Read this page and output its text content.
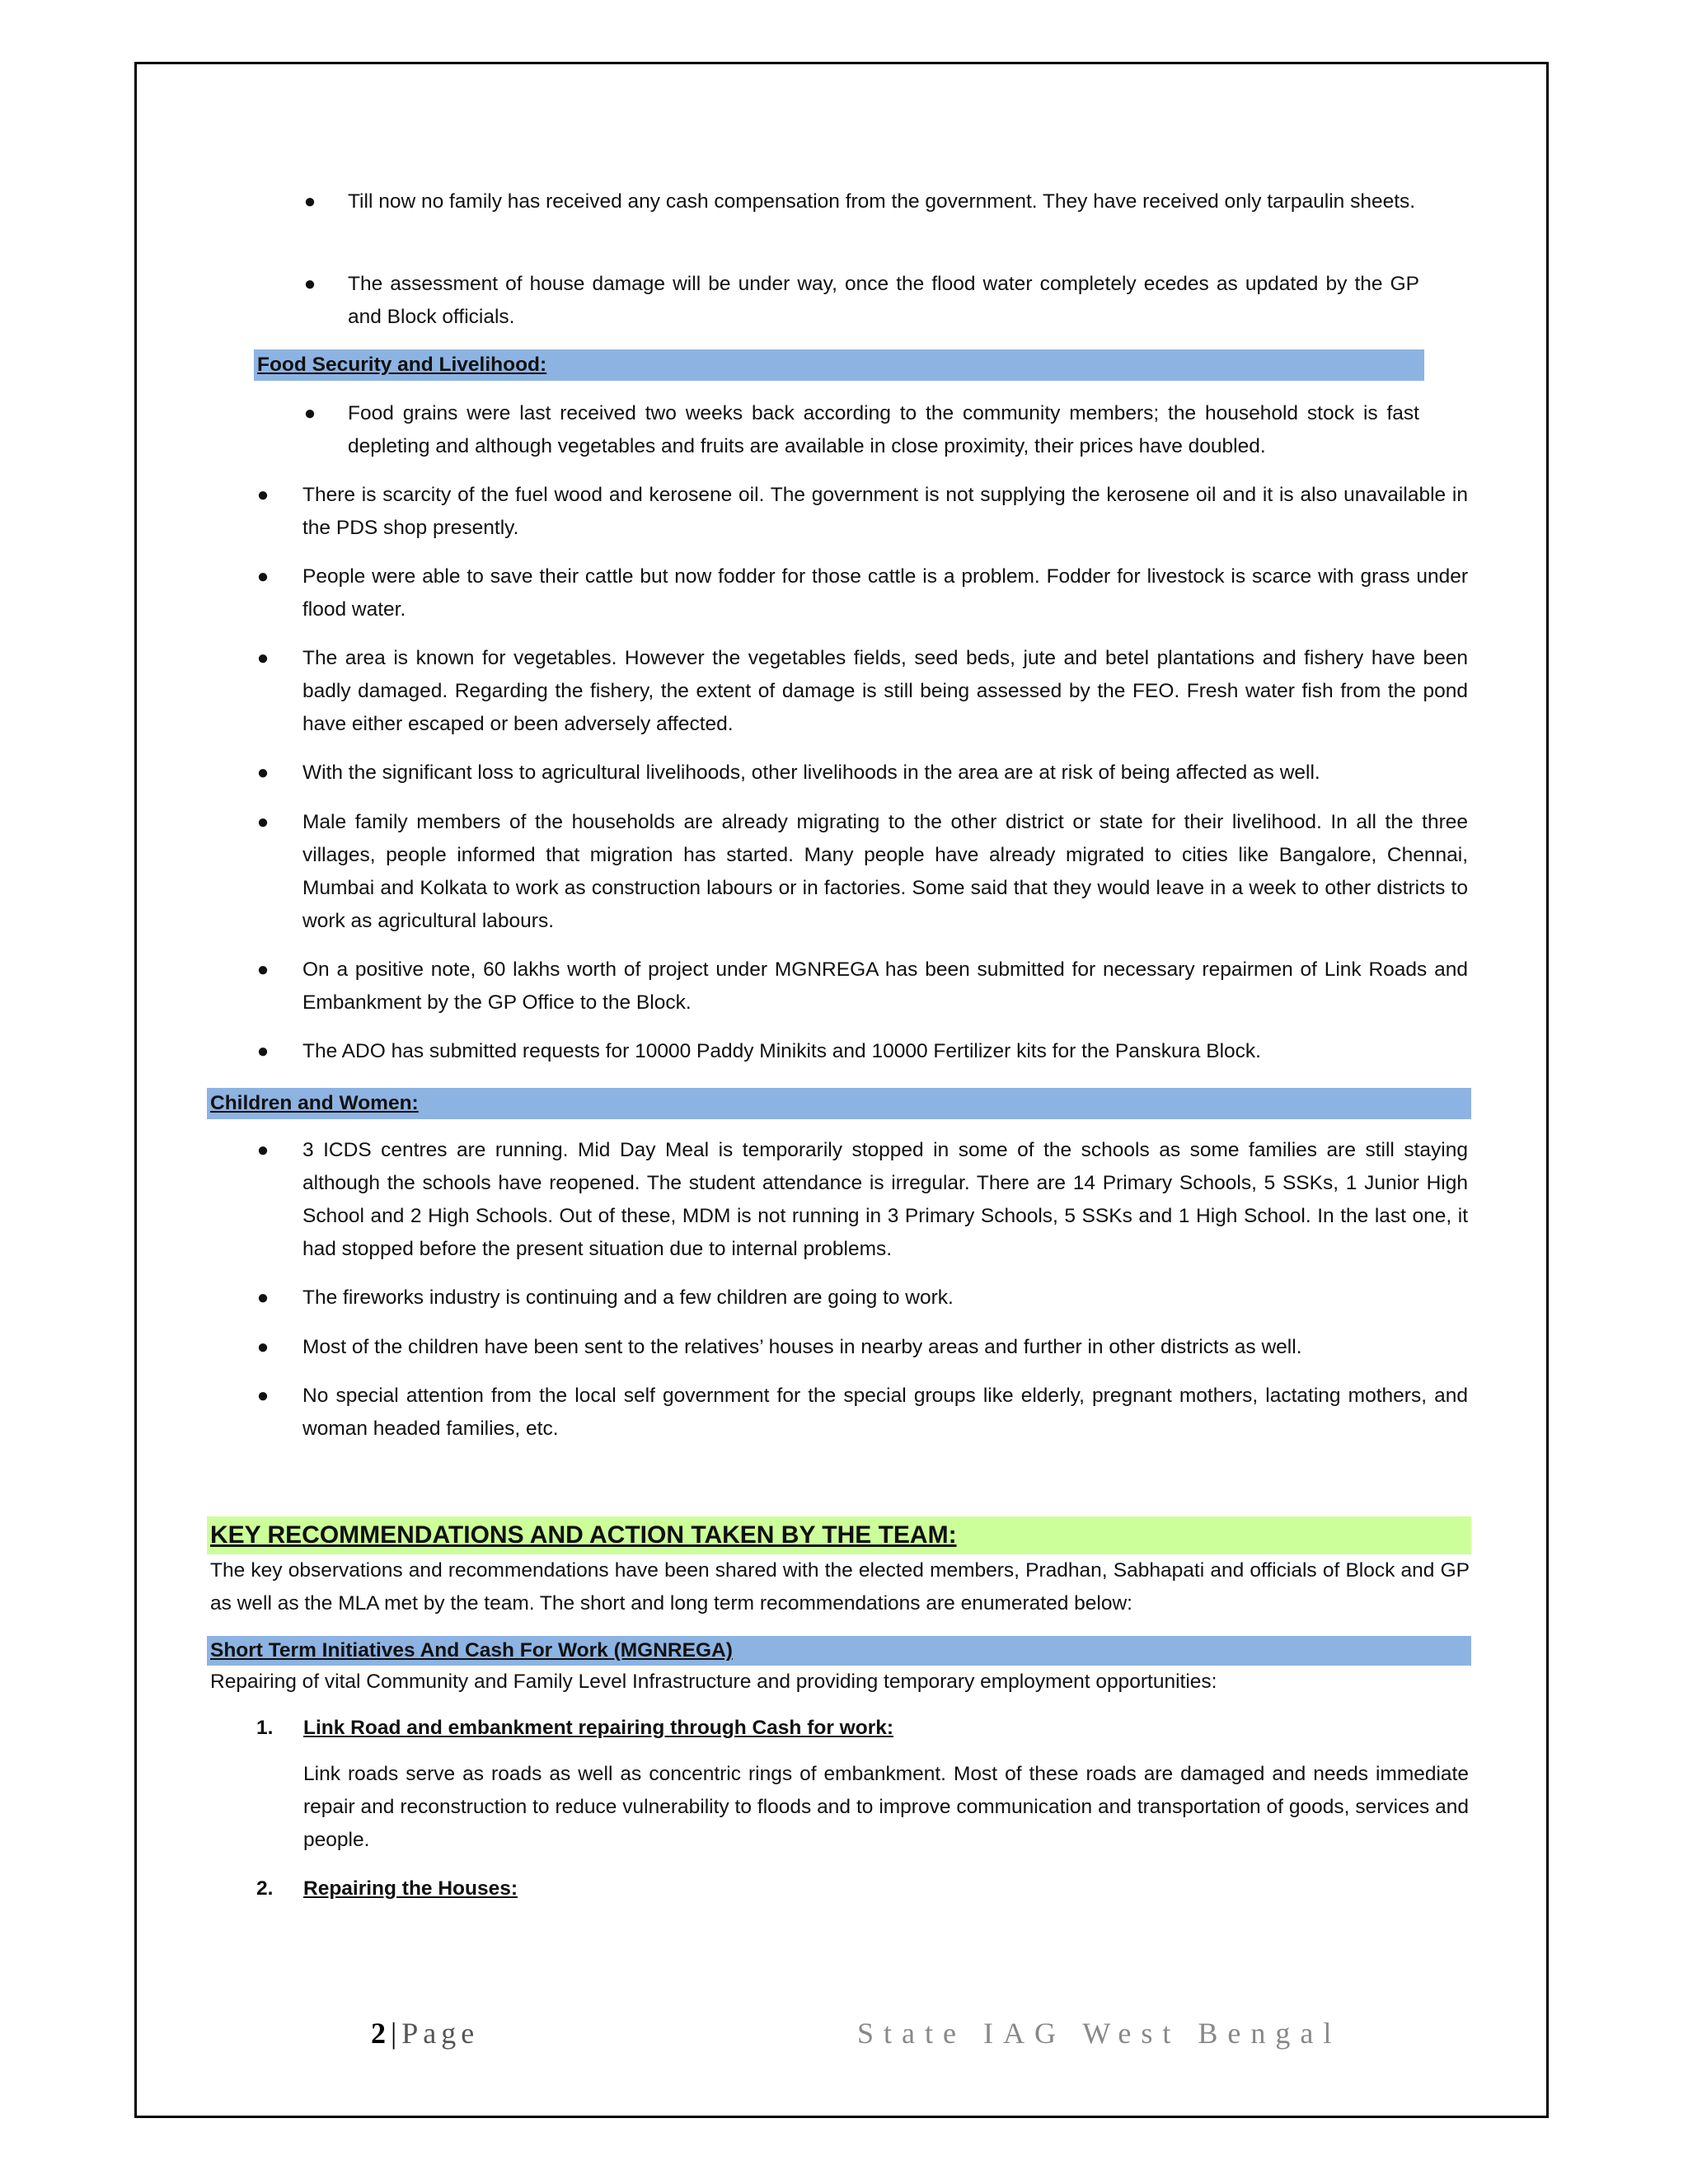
● Till now no family has received any cash compensation from the government. They have received only tarpaulin sheets.
● The assessment of house damage will be under way, once the flood water completely ecedes as updated by the GP and Block officials.
Food Security and Livelihood:
● Food grains were last received two weeks back according to the community members; the household stock is fast depleting and although vegetables and fruits are available in close proximity, their prices have doubled.
● There is scarcity of the fuel wood and kerosene oil. The government is not supplying the kerosene oil and it is also unavailable in the PDS shop presently.
● People were able to save their cattle but now fodder for those cattle is a problem. Fodder for livestock is scarce with grass under flood water.
● The area is known for vegetables. However the vegetables fields, seed beds, jute and betel plantations and fishery have been badly damaged. Regarding the fishery, the extent of damage is still being assessed by the FEO. Fresh water fish from the pond have either escaped or been adversely affected.
● With the significant loss to agricultural livelihoods, other livelihoods in the area are at risk of being affected as well.
● Male family members of the households are already migrating to the other district or state for their livelihood. In all the three villages, people informed that migration has started. Many people have already migrated to cities like Bangalore, Chennai, Mumbai and Kolkata to work as construction labours or in factories. Some said that they would leave in a week to other districts to work as agricultural labours.
● On a positive note, 60 lakhs worth of project under MGNREGA has been submitted for necessary repairmen of Link Roads and Embankment by the GP Office to the Block.
● The ADO has submitted requests for 10000 Paddy Minikits and 10000 Fertilizer kits for the Panskura Block.
Children and Women:
● 3 ICDS centres are running. Mid Day Meal is temporarily stopped in some of the schools as some families are still staying although the schools have reopened. The student attendance is irregular. There are 14 Primary Schools, 5 SSKs, 1 Junior High School and 2 High Schools. Out of these, MDM is not running in 3 Primary Schools, 5 SSKs and 1 High School. In the last one, it had stopped before the present situation due to internal problems.
● The fireworks industry is continuing and a few children are going to work.
● Most of the children have been sent to the relatives’ houses in nearby areas and further in other districts as well.
● No special attention from the local self government for the special groups like elderly, pregnant mothers, lactating mothers, and woman headed families, etc.
KEY RECOMMENDATIONS AND ACTION TAKEN BY THE TEAM:
The key observations and recommendations have been shared with the elected members, Pradhan, Sabhapati and officials of Block and GP as well as the MLA met by the team. The short and long term recommendations are enumerated below:
Short Term Initiatives And Cash For Work (MGNREGA)
Repairing of vital Community and Family Level Infrastructure and providing temporary employment opportunities:
1. Link Road and embankment repairing through Cash for work:
Link roads serve as roads as well as concentric rings of embankment. Most of these roads are damaged and needs immediate repair and reconstruction to reduce vulnerability to floods and to improve communication and transportation of goods, services and people.
2. Repairing the Houses:
2 | Page	State IAG West Bengal
